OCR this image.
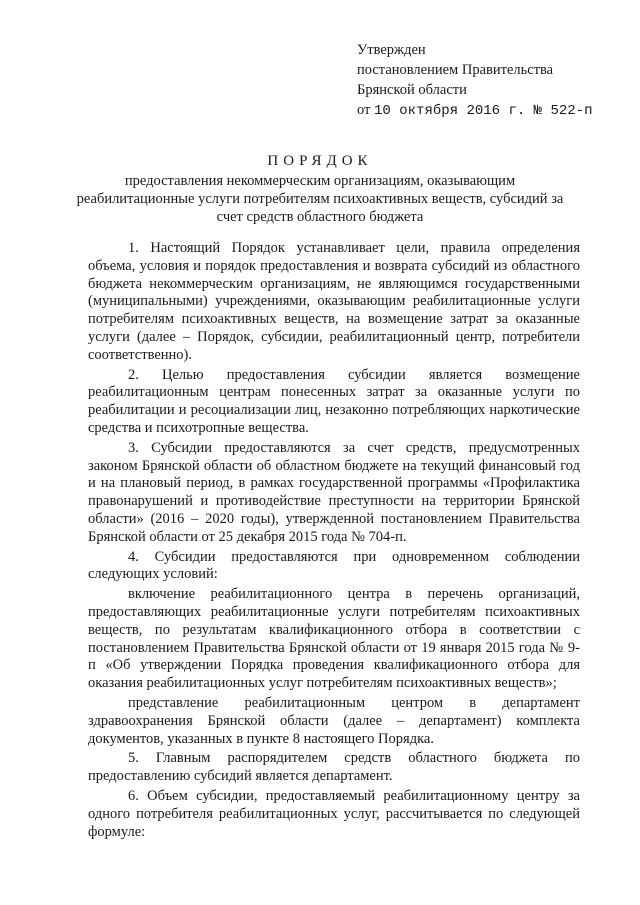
Утвержден
постановлением Правительства
Брянской области
от 10 октября 2016 г. № 522-п
ПОРЯДОК
предоставления некоммерческим организациям, оказывающим реабилитационные услуги потребителям психоактивных веществ, субсидий за счет средств областного бюджета

1. Настоящий Порядок устанавливает цели, правила определения объема, условия и порядок предоставления и возврата субсидий из областного бюджета некоммерческим организациям, не являющимся государственными (муниципальными) учреждениями, оказывающим реабилитационные услуги потребителям психоактивных веществ, на возмещение затрат за оказанные услуги (далее – Порядок, субсидии, реабилитационный центр, потребители соответственно).

2. Целью предоставления субсидии является возмещение реабилитационным центрам понесенных затрат за оказанные услуги по реабилитации и ресоциализации лиц, незаконно потребляющих наркотические средства и психотропные вещества.

3. Субсидии предоставляются за счет средств, предусмотренных законом Брянской области об областном бюджете на текущий финансовый год и на плановый период, в рамках государственной программы «Профилактика правонарушений и противодействие преступности на территории Брянской области» (2016 – 2020 годы), утвержденной постановлением Правительства Брянской области от 25 декабря 2015 года № 704-п.

4. Субсидии предоставляются при одновременном соблюдении следующих условий:

включение реабилитационного центра в перечень организаций, предоставляющих реабилитационные услуги потребителям психоактивных веществ, по результатам квалификационного отбора в соответствии с постановлением Правительства Брянской области от 19 января 2015 года № 9-п «Об утверждении Порядка проведения квалификационного отбора для оказания реабилитационных услуг потребителям психоактивных веществ»;

представление реабилитационным центром в департамент здравоохранения Брянской области (далее – департамент) комплекта документов, указанных в пункте 8 настоящего Порядка.

5. Главным распорядителем средств областного бюджета по предоставлению субсидий является департамент.

6. Объем субсидии, предоставляемый реабилитационному центру за одного потребителя реабилитационных услуг, рассчитывается по следующей формуле:
